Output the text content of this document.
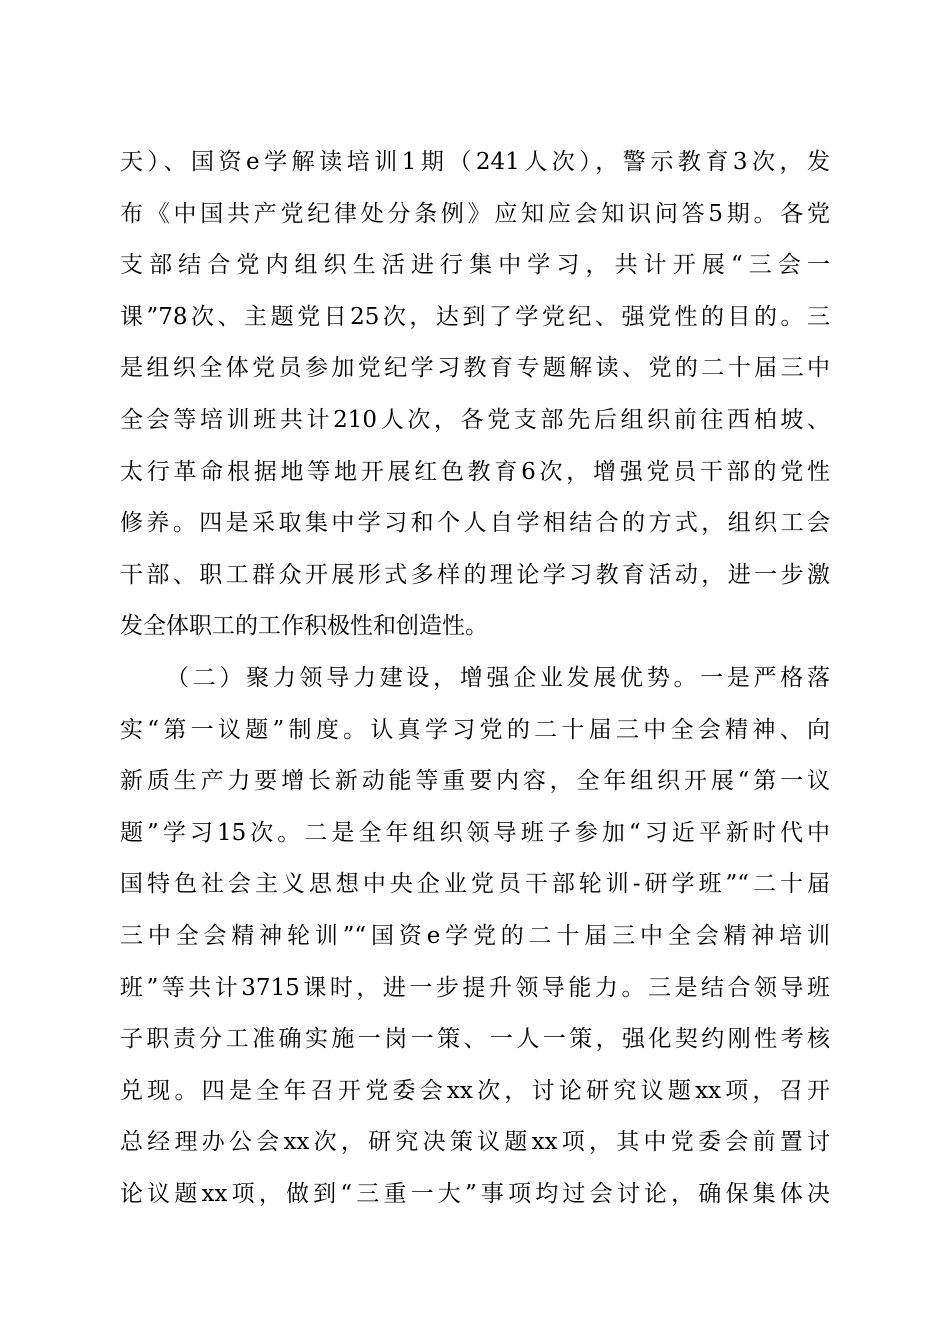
天）、国资e学解读培训1期（241人次），警示教育3次，发
布《中国共产党纪律处分条例》应知应会知识问答5期。各党
支部结合党内组织生活进行集中学习，共计开展“三会一
课”78次、主题党日25次，达到了学党纪、强党性的目的。三
是组织全体党员参加党纪学习教育专题解读、党的二十届三中
全会等培训班共计210人次，各党支部先后组织前往西柏坡、
太行革命根据地等地开展红色教育6次，增强党员干部的党性
修养。四是采取集中学习和个人自学相结合的方式，组织工会
干部、职工群众开展形式多样的理论学习教育活动，进一步激
发全体职工的工作积极性和创造性。
（二）聚力领导力建设，增强企业发展优势。一是严格落
实“第一议题”制度。认真学习党的二十届三中全会精神、向
新质生产力要增长新动能等重要内容，全年组织开展“第一议
题”学习15次。二是全年组织领导班子参加“习近平新时代中
国特色社会主义思想中央企业党员干部轮训-研学班”“二十届
三中全会精神轮训”“国资e学党的二十届三中全会精神培训
班”等共计3715课时，进一步提升领导能力。三是结合领导班
子职责分工准确实施一岗一策、一人一策，强化契约刚性考核
兑现。四是全年召开党委会xx次，讨论研究议题xx项，召开
总经理办公会xx次，研究决策议题xx项，其中党委会前置讨
论议题xx项，做到“三重一大”事项均过会讨论，确保集体决
